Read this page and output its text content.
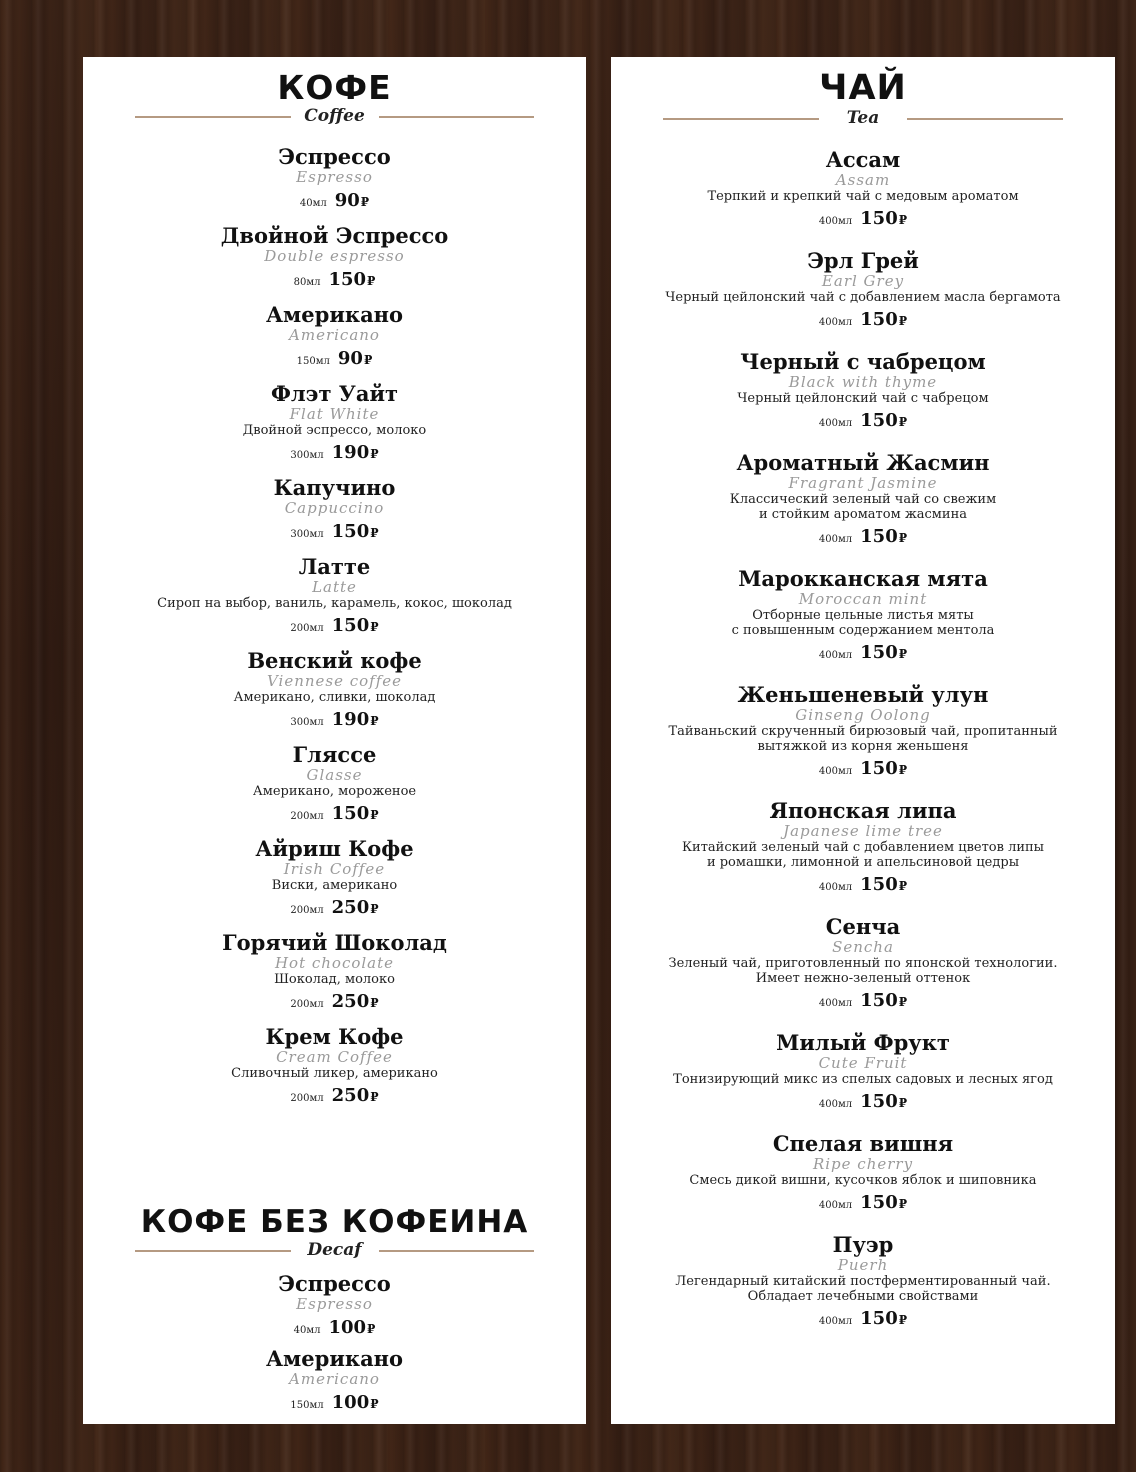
КОФЕ
Coffee
Эспрессо
Espresso
40мл 90₽
Двойной Эспрессо
Double espresso
80мл 150₽
Американо
Americano
150мл 90₽
Флэт Уайт
Flat White
Двойной эспрессо, молоко
300мл 190₽
Капучино
Cappuccino
300мл 150₽
Латте
Latte
Сироп на выбор, ваниль, карамель, кокос, шоколад
200мл 150₽
Венский кофе
Viennese coffee
Американо, сливки, шоколад
300мл 190₽
Гляссе
Glasse
Американо, мороженое
200мл 150₽
Айриш Кофе
Irish Coffee
Виски, американо
200мл 250₽
Горячий Шоколад
Hot chocolate
Шоколад, молоко
200мл 250₽
Крем Кофе
Cream Coffee
Сливочный ликер, американо
200мл 250₽
КОФЕ БЕЗ КОФЕИНА
Decaf
Эспрессо
Espresso
40мл 100₽
Американо
Americano
150мл 100₽
ЧАЙ
Tea
Ассам
Assam
Терпкий и крепкий чай с медовым ароматом
400мл 150₽
Эрл Грей
Earl Grey
Черный цейлонский чай с добавлением масла бергамота
400мл 150₽
Черный с чабрецом
Black with thyme
Черный цейлонский чай с чабрецом
400мл 150₽
Ароматный Жасмин
Fragrant Jasmine
Классический зеленый чай со свежим
и стойким ароматом жасмина
400мл 150₽
Марокканская мята
Moroccan mint
Отборные цельные листья мяты
с повышенным содержанием ментола
400мл 150₽
Женьшеневый улун
Ginseng Oolong
Тайваньский скрученный бирюзовый чай, пропитанный
вытяжкой из корня женьшеня
400мл 150₽
Японская липа
Japanese lime tree
Китайский зеленый чай с добавлением цветов липы
и ромашки, лимонной и апельсиновой цедры
400мл 150₽
Сенча
Sencha
Зеленый чай, приготовленный по японской технологии.
Имеет нежно-зеленый оттенок
400мл 150₽
Милый Фрукт
Cute Fruit
Тонизирующий микс из спелых садовых и лесных ягод
400мл 150₽
Спелая вишня
Ripe cherry
Смесь дикой вишни, кусочков яблок и шиповника
400мл 150₽
Пуэр
Puerh
Легендарный китайский постферментированный чай.
Обладает лечебными свойствами
400мл 150₽
